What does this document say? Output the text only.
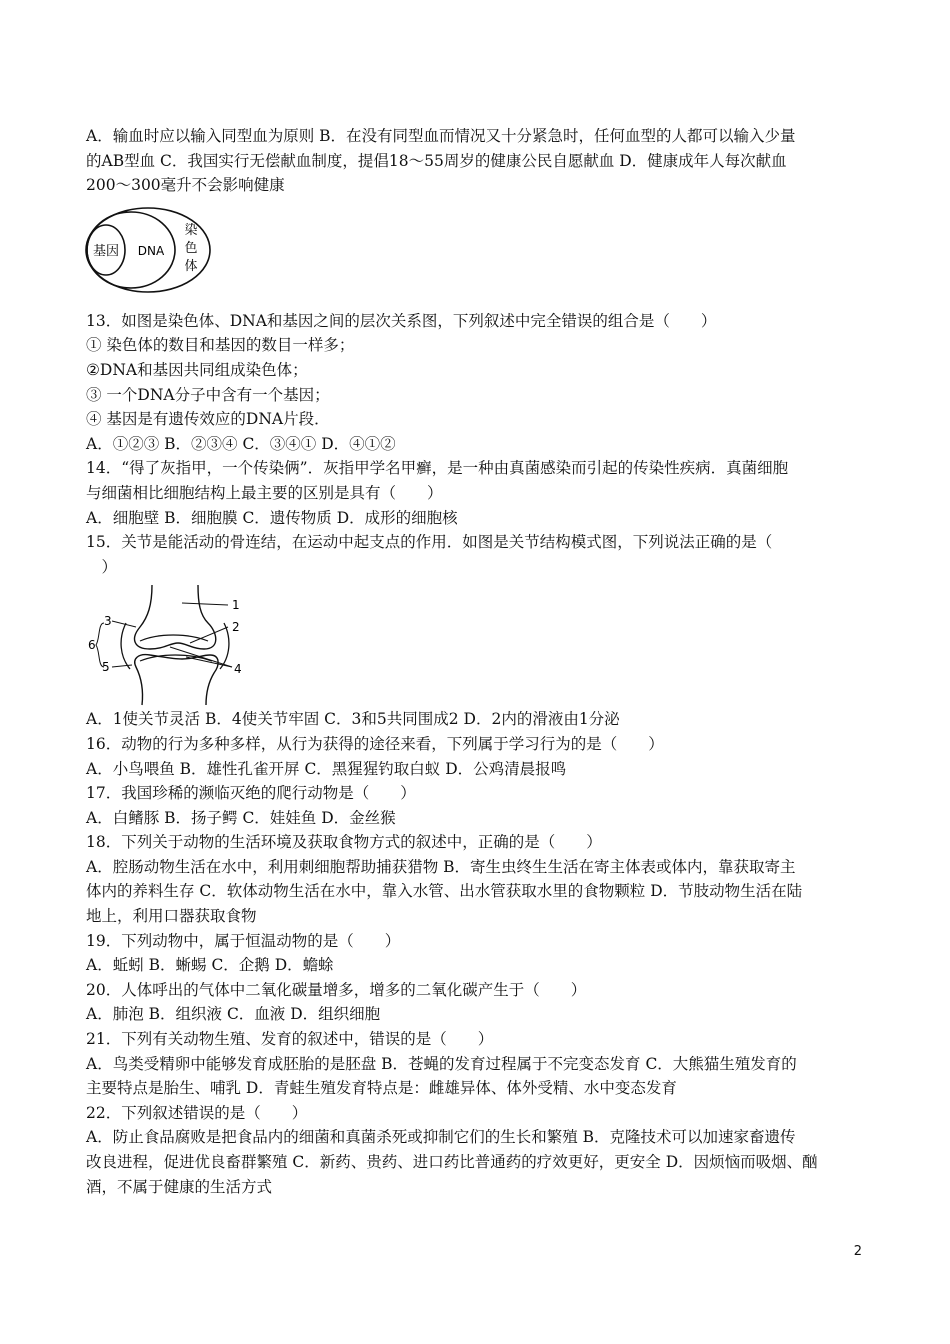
A．输血时应以输入同型血为原则 B．在没有同型血而情况又十分紧急时，任何血型的人都可以输入少量
的AB型血 C．我国实行无偿献血制度，提倡18～55周岁的健康公民自愿献血 D．健康成年人每次献血
200～300毫升不会影响健康
基因 DNA
染
色
体
13．如图是染色体、DNA和基因之间的层次关系图，下列叙述中完全错误的组合是（　　）
① 染色体的数目和基因的数目一样多；
②DNA和基因共同组成染色体；
③ 一个DNA分子中含有一个基因；
④ 基因是有遗传效应的DNA片段．
A．①②③ B．②③④ C．③④① D．④①②
14．“得了灰指甲，一个传染俩”．灰指甲学名甲癣，是一种由真菌感染而引起的传染性疾病．真菌细胞
与细菌相比细胞结构上最主要的区别是具有（　　）
A．细胞壁 B．细胞膜 C．遗传物质 D．成形的细胞核
15．关节是能活动的骨连结，在运动中起支点的作用．如图是关节结构模式图，下列说法正确的是（
　）
1
2
3
4
5
6
A．1使关节灵活 B．4使关节牢固 C．3和5共同围成2 D．2内的滑液由1分泌
16．动物的行为多种多样，从行为获得的途径来看，下列属于学习行为的是（　　）
A．小鸟喂鱼 B．雄性孔雀开屏 C．黑猩猩钓取白蚁 D．公鸡清晨报鸣
17．我国珍稀的濒临灭绝的爬行动物是（　　）
A．白鳍豚 B．扬子鳄 C．娃娃鱼 D．金丝猴
18．下列关于动物的生活环境及获取食物方式的叙述中，正确的是（　　）
A．腔肠动物生活在水中，利用刺细胞帮助捕获猎物 B．寄生虫终生生活在寄主体表或体内，靠获取寄主
体内的养料生存 C．软体动物生活在水中，靠入水管、出水管获取水里的食物颗粒 D．节肢动物生活在陆
地上，利用口器获取食物
19．下列动物中，属于恒温动物的是（　　）
A．蚯蚓 B．蜥蜴 C．企鹅 D．蟾蜍
20．人体呼出的气体中二氧化碳量增多，增多的二氧化碳产生于（　　）
A．肺泡 B．组织液 C．血液 D．组织细胞
21．下列有关动物生殖、发育的叙述中，错误的是（　　）
A．鸟类受精卵中能够发育成胚胎的是胚盘 B．苍蝇的发育过程属于不完变态发育 C．大熊猫生殖发育的
主要特点是胎生、哺乳 D．青蛙生殖发育特点是：雌雄异体、体外受精、水中变态发育
22．下列叙述错误的是（　　）
A．防止食品腐败是把食品内的细菌和真菌杀死或抑制它们的生长和繁殖 B．克隆技术可以加速家畜遗传
改良进程，促进优良畜群繁殖 C．新药、贵药、进口药比普通药的疗效更好，更安全 D．因烦恼而吸烟、酗
酒，不属于健康的生活方式
2
